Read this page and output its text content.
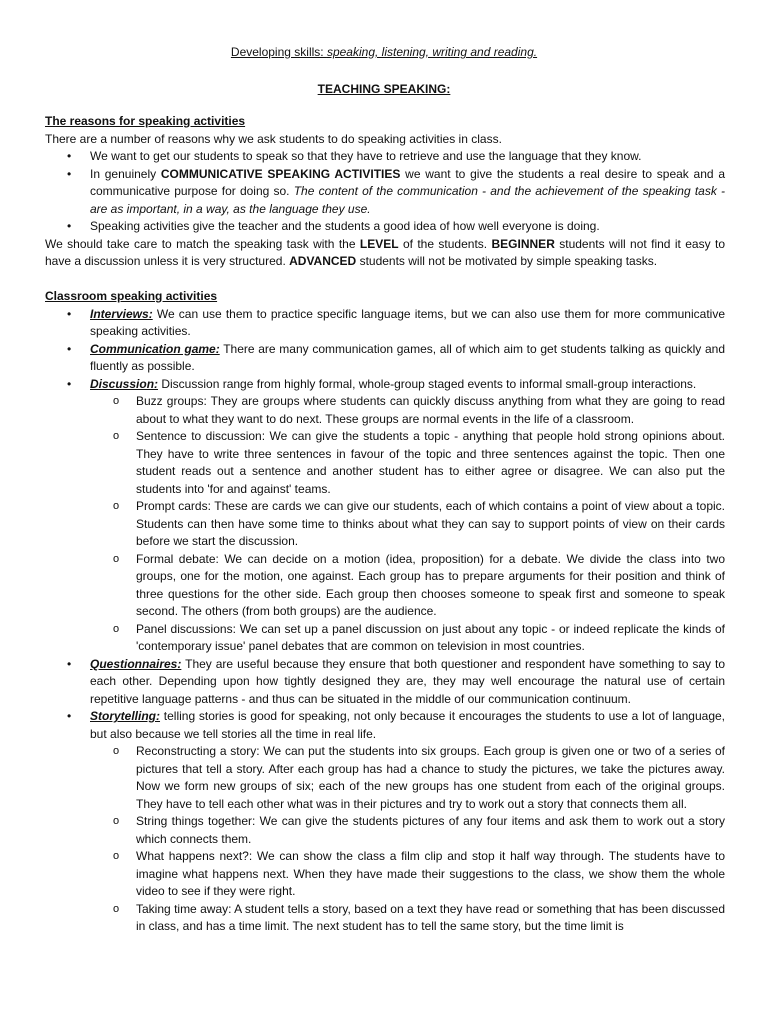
Developing skills: speaking, listening, writing and reading.
TEACHING SPEAKING:
The reasons for speaking activities

There are a number of reasons why we ask students to do speaking activities in class.

• We want to get our students to speak so that they have to retrieve and use the language that they know.
• In genuinely COMMUNICATIVE SPEAKING ACTIVITIES we want to give the students a real desire to speak and a communicative purpose for doing so. The content of the communication - and the achievement of the speaking task - are as important, in a way, as the language they use.
• Speaking activities give the teacher and the students a good idea of how well everyone is doing.

We should take care to match the speaking task with the LEVEL of the students. BEGINNER students will not find it easy to have a discussion unless it is very structured. ADVANCED students will not be motivated by simple speaking tasks.

Classroom speaking activities
• Interviews: We can use them to practice specific language items, but we can also use them for more communicative speaking activities.
• Communication game: There are many communication games, all of which aim to get students talking as quickly and fluently as possible.
• Discussion: Discussion range from highly formal, whole-group staged events to informal small-group interactions.
o Buzz groups: They are groups where students can quickly discuss anything from what they are going to read about to what they want to do next. These groups are normal events in the life of a classroom.
o Sentence to discussion: We can give the students a topic - anything that people hold strong opinions about. They have to write three sentences in favour of the topic and three sentences against the topic. Then one student reads out a sentence and another student has to either agree or disagree. We can also put the students into 'for and against' teams.
o Prompt cards: These are cards we can give our students, each of which contains a point of view about a topic. Students can then have some time to thinks about what they can say to support points of view on their cards before we start the discussion.
o Formal debate: We can decide on a motion (idea, proposition) for a debate. We divide the class into two groups, one for the motion, one against. Each group has to prepare arguments for their position and think of three questions for the other side. Each group then chooses someone to speak first and someone to speak second. The others (from both groups) are the audience.
o Panel discussions: We can set up a panel discussion on just about any topic - or indeed replicate the kinds of 'contemporary issue' panel debates that are common on television in most countries.
• Questionnaires: They are useful because they ensure that both questioner and respondent have something to say to each other. Depending upon how tightly designed they are, they may well encourage the natural use of certain repetitive language patterns - and thus can be situated in the middle of our communication continuum.
• Storytelling: telling stories is good for speaking, not only because it encourages the students to use a lot of language, but also because we tell stories all the time in real life.
o Reconstructing a story: We can put the students into six groups. Each group is given one or two of a series of pictures that tell a story. After each group has had a chance to study the pictures, we take the pictures away. Now we form new groups of six; each of the new groups has one student from each of the original groups. They have to tell each other what was in their pictures and try to work out a story that connects them all.
o String things together: We can give the students pictures of any four items and ask them to work out a story which connects them.
o What happens next?: We can show the class a film clip and stop it half way through. The students have to imagine what happens next. When they have made their suggestions to the class, we show them the whole video to see if they were right.
o Taking time away: A student tells a story, based on a text they have read or something that has been discussed in class, and has a time limit. The next student has to tell the same story, but the time limit is
